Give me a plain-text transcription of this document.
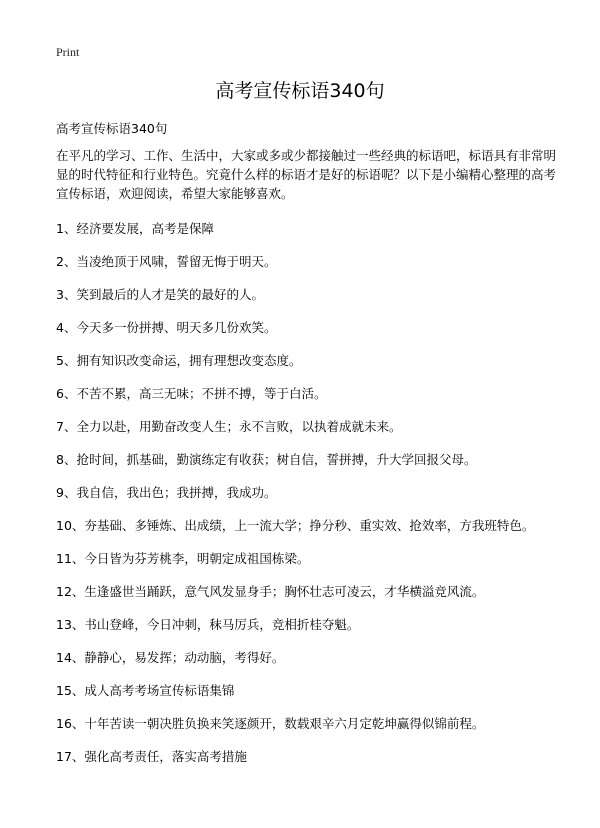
Print
高考宣传标语340句

高考宣传标语340句

在平凡的学习、工作、生活中，大家或多或少都接触过一些经典的标语吧，标语具有非常明显的时代特征和行业特色。究竟什么样的标语才是好的标语呢？以下是小编精心整理的高考宣传标语，欢迎阅读，希望大家能够喜欢。

1、经济要发展，高考是保障
2、当凌绝顶于风啸，誓留无悔于明天。
3、笑到最后的人才是笑的最好的人。
4、今天多一份拼搏、明天多几份欢笑。
5、拥有知识改变命运，拥有理想改变态度。
6、不苦不累，高三无味；不拼不搏，等于白活。
7、全力以赴，用勤奋改变人生；永不言败，以执着成就未来。
8、抢时间，抓基础，勤演练定有收获；树自信，誓拼搏，升大学回报父母。
9、我自信，我出色；我拼搏，我成功。
10、夯基础、多锤炼、出成绩，上一流大学；挣分秒、重实效、抢效率，方我班特色。
11、今日皆为芬芳桃李，明朝定成祖国栋梁。
12、生逢盛世当踊跃，意气风发显身手；胸怀壮志可凌云，才华横溢竞风流。
13、书山登峰，今日冲刺，秣马厉兵，竞相折桂夺魁。
14、静静心，易发挥；动动脑，考得好。
15、成人高考考场宣传标语集锦
16、十年苦读一朝决胜负换来笑逐颜开，数载艰辛六月定乾坤赢得似锦前程。
17、强化高考责任，落实高考措施
